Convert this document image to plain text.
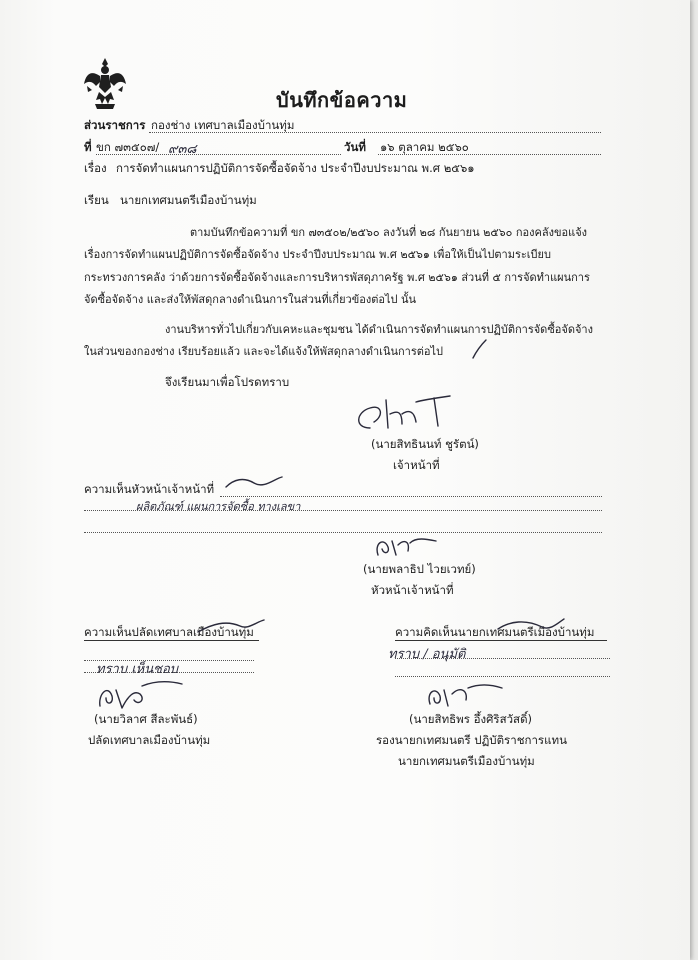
บันทึกข้อความ
ส่วนราชการ กองช่าง เทศบาลเมืองบ้านทุ่ม
ที่ ขก ๗๓๕๐๗/ ๙๓๘	วันที่ ๑๖ ตุลาคม ๒๕๖๐
เรื่อง การจัดทำแผนการปฏิบัติการจัดซื้อจัดจ้าง ประจำปีงบประมาณ พ.ศ ๒๕๖๑
เรียน นายกเทศมนตรีเมืองบ้านทุ่ม
ตามบันทึกข้อความที่ ขก ๗๓๕๐๒/๒๕๖๐ ลงวันที่ ๒๘ กันยายน ๒๕๖๐ กองคลังขอแจ้ง
เรื่องการจัดทำแผนปฏิบัติการจัดซื้อจัดจ้าง ประจำปีงบประมาณ พ.ศ ๒๕๖๑ เพื่อให้เป็นไปตามระเบียบ
กระทรวงการคลัง ว่าด้วยการจัดซื้อจัดจ้างและการบริหารพัสดุภาครัฐ พ.ศ ๒๕๖๑ ส่วนที่ ๕ การจัดทำแผนการ
จัดซื้อจัดจ้าง และส่งให้พัสดุกลางดำเนินการในส่วนที่เกี่ยวข้องต่อไป นั้น
งานบริหารทั่วไปเกี่ยวกับเคหะและชุมชน ได้ดำเนินการจัดทำแผนการปฏิบัติการจัดซื้อจัดจ้าง
ในส่วนของกองช่าง เรียบร้อยแล้ว และจะได้แจ้งให้พัสดุกลางดำเนินการต่อไป
จึงเรียนมาเพื่อโปรดทราบ
(นายสิทธินนท์ ชูรัตน์)
เจ้าหน้าที่
ความเห็นหัวหน้าเจ้าหน้าที่
ผลิตภัณฑ์ แผนการจัดซื้อ ทางเลขา
(นายพลาธิป ไวยเวทย์)
หัวหน้าเจ้าหน้าที่
ความเห็นปลัดเทศบาลเมืองบ้านทุ่ม
ทราบ เห็นชอบ
(นายวิลาศ สีละพันธ์)
ปลัดเทศบาลเมืองบ้านทุ่ม
ความคิดเห็นนายกเทศมนตรีเมืองบ้านทุ่ม
ทราบ / อนุมัติ
(นายสิทธิพร อึ้งศิริสวัสดิ์)
รองนายกเทศมนตรี ปฏิบัติราชการแทน
นายกเทศมนตรีเมืองบ้านทุ่ม
